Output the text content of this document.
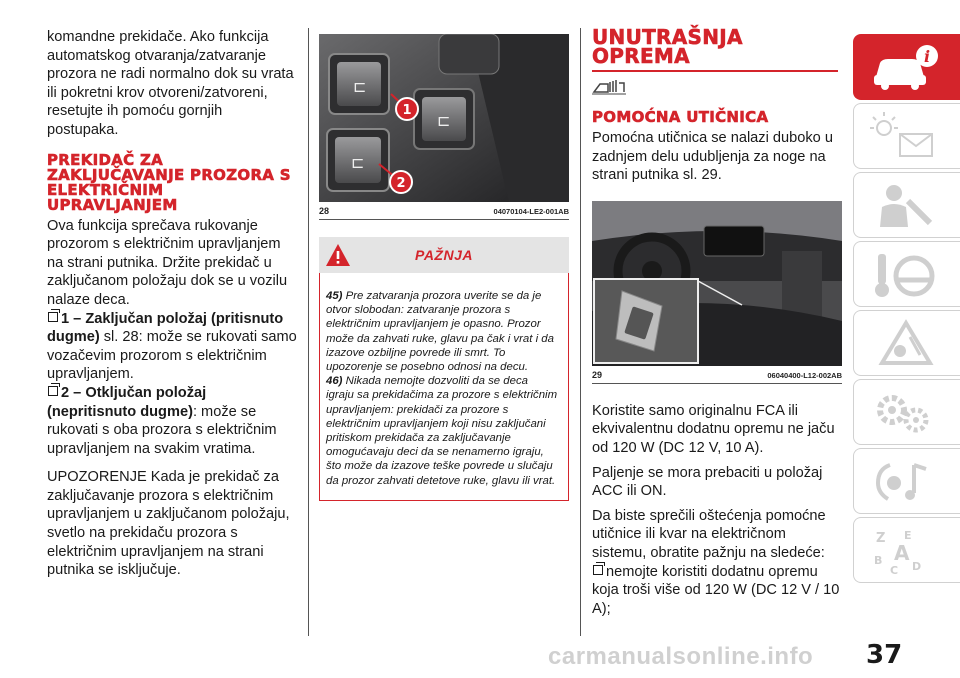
komandne prekidače. Ako funkcija automatskog otvaranja/zatvaranje prozora ne radi normalno dok su vrata ili pokretni krov otvoreni/zatvoreni, resetujte ih pomoću gornjih postupaka.

PREKIDAČ ZA ZAKLJUČAVANJE PROZORA S ELEKTRIČNIM UPRAVLJANJEM

Ova funkcija sprečava rukovanje prozorom s električnim upravljanjem na strani putnika. Držite prekidač u zaključanom položaju dok se u vozilu nalaze deca.

1 – Zaključan položaj (pritisnuto dugme) sl. 28: može se rukovati samo vozačevim prozorom s električnim upravljanjem.

2 – Otključan položaj (nepritisnuto dugme): može se rukovati s oba prozora s električnim upravljanjem na svakim vratima.

UPOZORENJE Kada je prekidač za zaključavanje prozora s električnim upravljanjem u zaključanom položaju, svetlo na prekidaču prozora s električnim upravljanjem na strani putnika se isključuje.

⊏
⊏
⊏
1
2
28	04070104-LE2-001AB
PAŽNJA

45) Pre zatvaranja prozora uverite se da je otvor slobodan: zatvaranje prozora s električnim upravljanjem je opasno. Prozor može da zahvati ruke, glavu pa čak i vrat i da izazove ozbiljne povrede ili smrt. To upozorenje se posebno odnosi na decu.

46) Nikada nemojte dozvoliti da se deca igraju sa prekidačima za prozore s električnim upravljanjem: prekidači za prozore s električnim upravljanjem koji nisu zaključani pritiskom prekidača za zaključavanje omogućavaju deci da se nenamerno igraju, što može da izazove teške povrede u slučaju da prozor zahvati detetove ruke, glavu ili vrat.

UNUTRAŠNJA OPREMA
POMOĆNA UTIČNICA

Pomoćna utičnica se nalazi duboko u zadnjem delu udubljenja za noge na strani putnika sl. 29.

29	06040400-L12-002AB

Koristite samo originalnu FCA ili ekvivalentnu dodatnu opremu ne jaču od 120 W (DC 12 V, 10 A).

Paljenje se mora prebaciti u položaj ACC ili ON.

Da biste sprečili oštećenja pomoćne utičnice ili kvar na električnom sistemu, obratite pažnju na sledeće:

nemojte koristiti dodatnu opremu koja troši više od 120 W (DC 12 V / 10 A);

i
Z E
B A
C D
carmanualsonline.info 37
